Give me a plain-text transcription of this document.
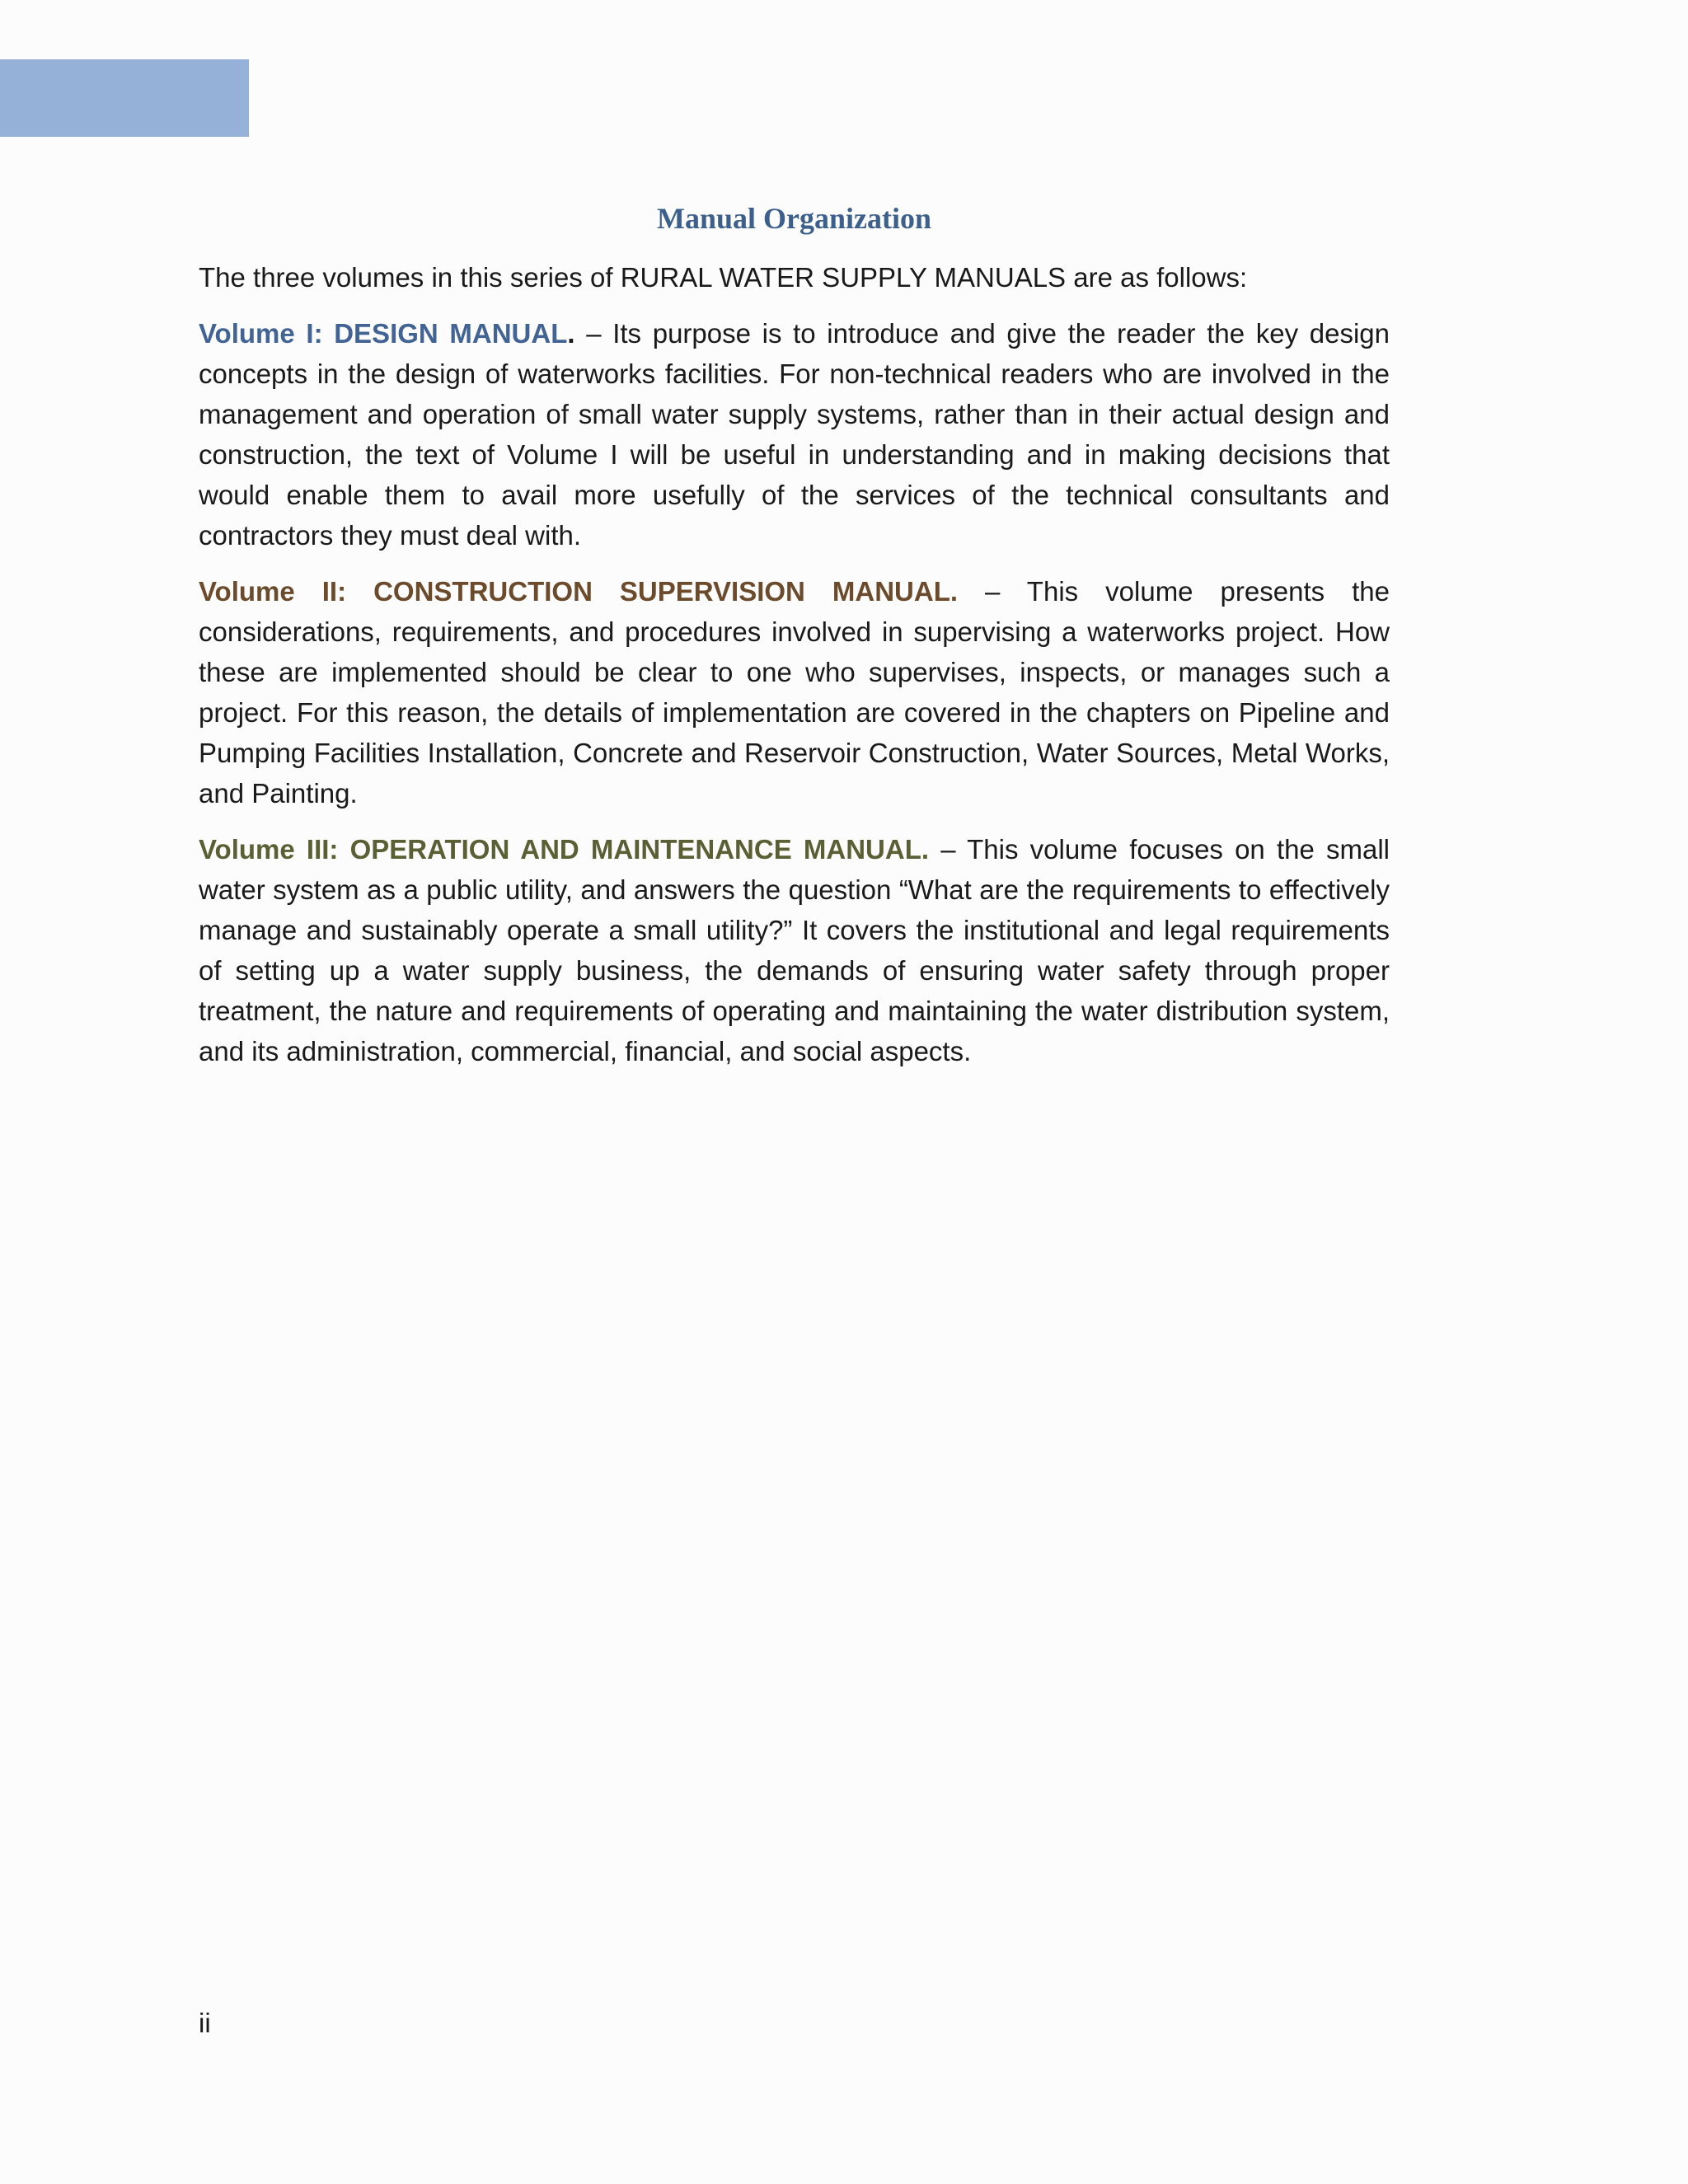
Manual Organization

The three volumes in this series of RURAL WATER SUPPLY MANUALS are as follows:

Volume I: DESIGN MANUAL. – Its purpose is to introduce and give the reader the key design concepts in the design of waterworks facilities. For non-technical readers who are involved in the management and operation of small water supply systems, rather than in their actual design and construction, the text of Volume I will be useful in understanding and in making decisions that would enable them to avail more usefully of the services of the technical consultants and contractors they must deal with.

Volume II: CONSTRUCTION SUPERVISION MANUAL. – This volume presents the considerations, requirements, and procedures involved in supervising a waterworks project. How these are implemented should be clear to one who supervises, inspects, or manages such a project. For this reason, the details of implementation are covered in the chapters on Pipeline and Pumping Facilities Installation, Concrete and Reservoir Construction, Water Sources, Metal Works, and Painting.

Volume III: OPERATION AND MAINTENANCE MANUAL. – This volume focuses on the small water system as a public utility, and answers the question “What are the requirements to effectively manage and sustainably operate a small utility?” It covers the institutional and legal requirements of setting up a water supply business, the demands of ensuring water safety through proper treatment, the nature and requirements of operating and maintaining the water distribution system, and its administration, commercial, financial, and social aspects.

ii
